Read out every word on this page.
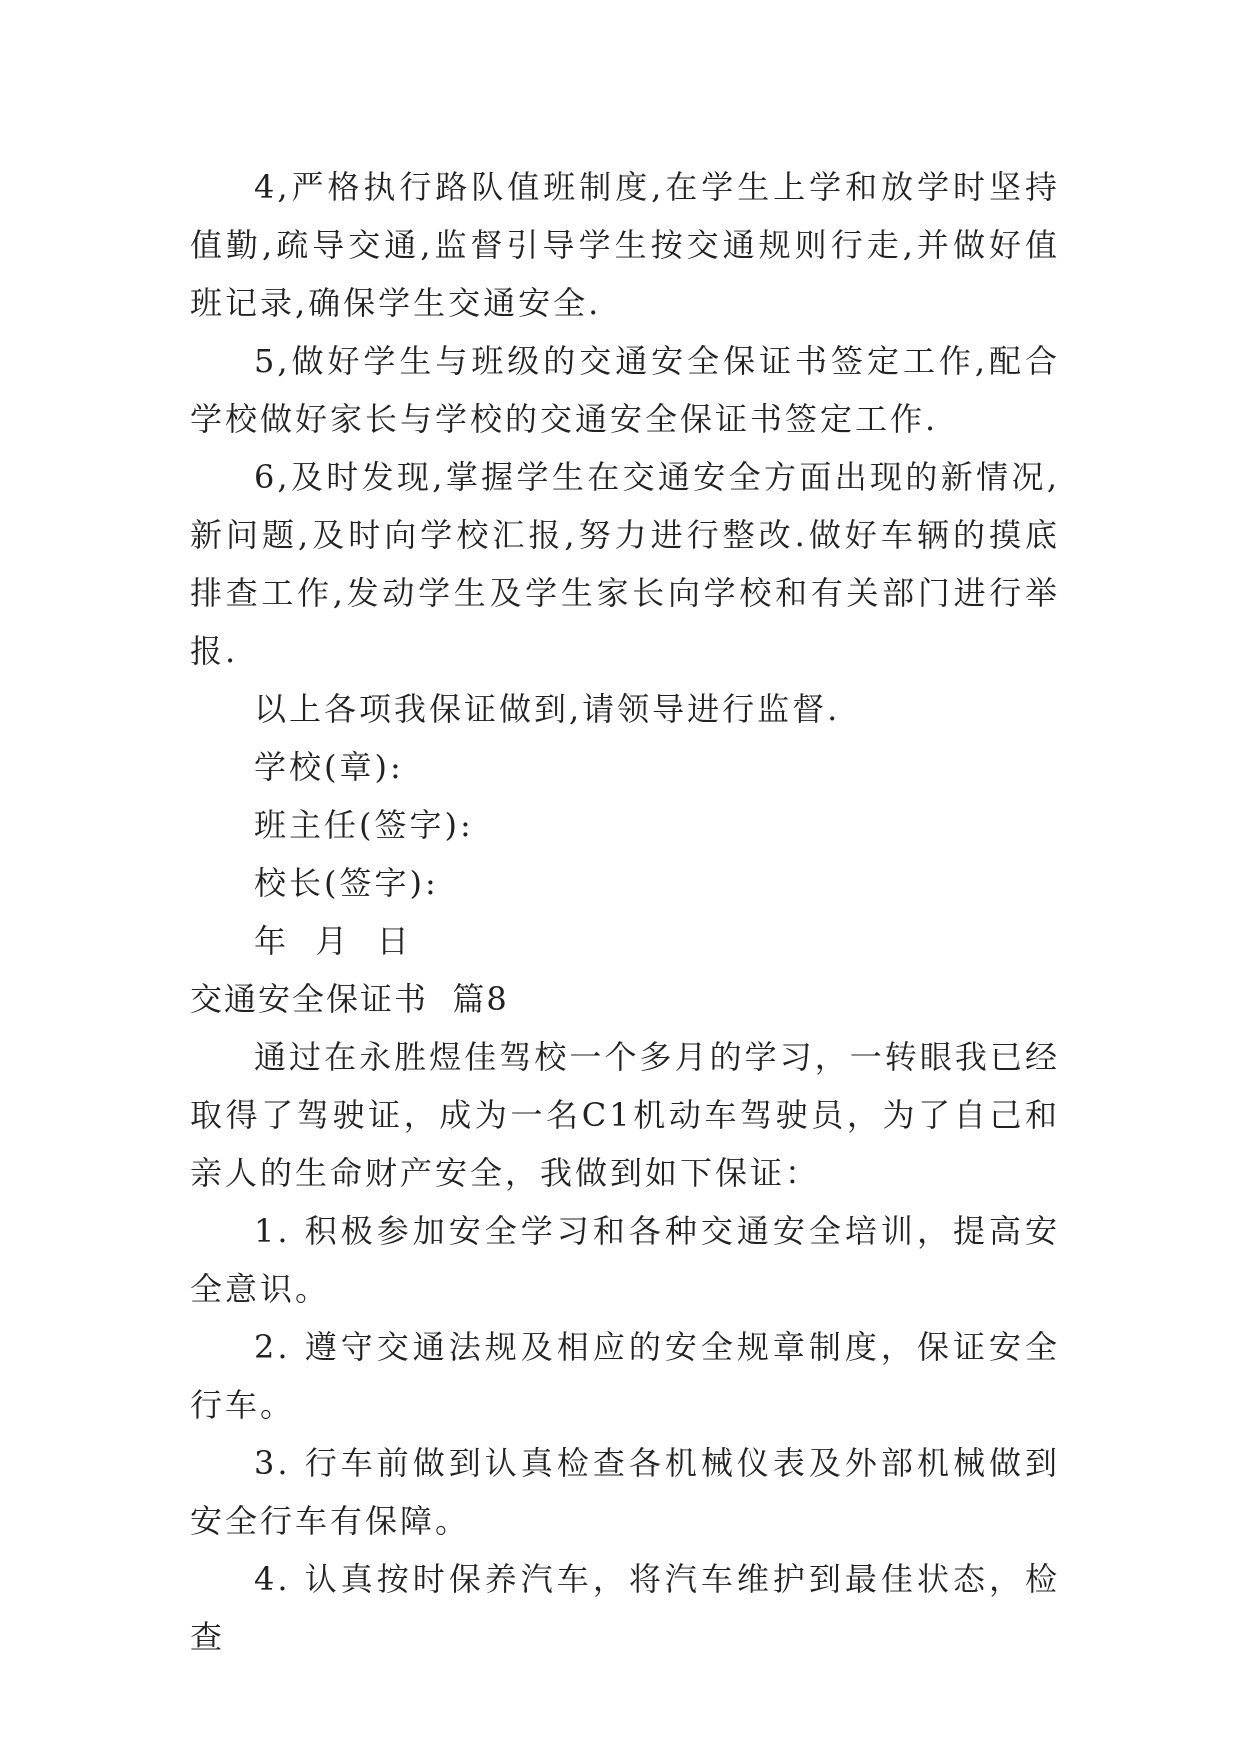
4,严格执行路队值班制度,在学生上学和放学时坚持值勤,疏导交通,监督引导学生按交通规则行走,并做好值班记录,确保学生交通安全.

5,做好学生与班级的交通安全保证书签定工作,配合学校做好家长与学校的交通安全保证书签定工作.

6,及时发现,掌握学生在交通安全方面出现的新情况,新问题,及时向学校汇报,努力进行整改.做好车辆的摸底排查工作,发动学生及学生家长向学校和有关部门进行举报.

以上各项我保证做到,请领导进行监督.

学校(章):

班主任(签字):

校长(签字):

年  月  日

交通安全保证书  篇8

通过在永胜煜佳驾校一个多月的学习，一转眼我已经取得了驾驶证，成为一名C1机动车驾驶员，为了自己和亲人的生命财产安全，我做到如下保证：

1. 积极参加安全学习和各种交通安全培训，提高安全意识。

2. 遵守交通法规及相应的安全规章制度，保证安全行车。

3. 行车前做到认真检查各机械仪表及外部机械做到安全行车有保障。

4. 认真按时保养汽车，将汽车维护到最佳状态，检查
